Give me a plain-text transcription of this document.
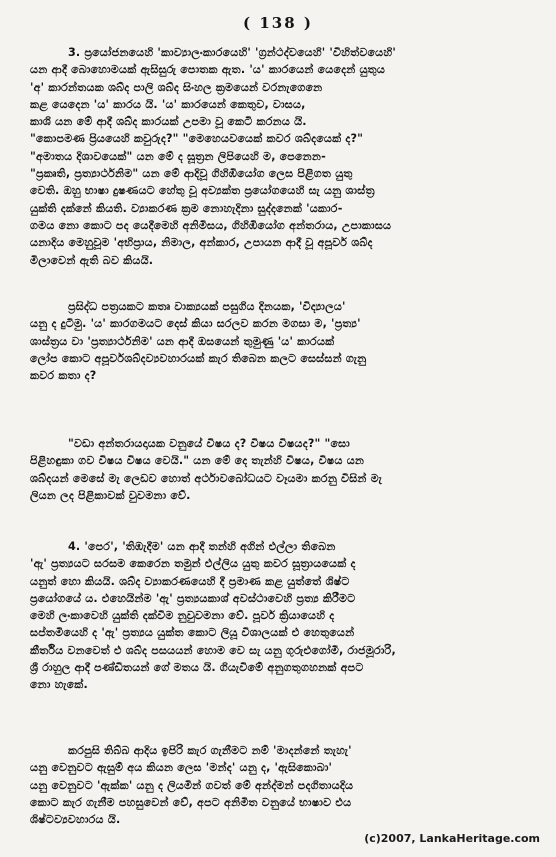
( 138 )
3. ප්‍රයෝජනයෙහි 'කාව්‍යාලංකාරයෙහි' 'ග්‍රන්ථද්වයෙහි' 'විහිත්වයෙහි'
යන ආදී බොහොමයක් ඇසිසුරු පොතක ඇත. 'ය' කාරයෙන් යෙදෙන් යුතුය
'අ' කාරන්තයක ශබ්ද පාලි ශබ්ද සිංහල ක්‍රමයෙන් වරනැගෙනෙ
කළ යෙදෙන 'ය' කාරය යි. 'ය' කාරයෙන් කෙතුව, වාසය,
කාශි යන මේ ආදී ශබ්ද කාරයක් උපමා වූ කෙටි කරනය යි.
"කොපමණ ප්‍රියයෙහි කවුරුද?" "මෙහෙයවයෙක් කවර ශබ්දයෙක් ද?"
"අමාතය දිශාවයෙක්" යන මේ ද සූත්‍රන ලිපියෙහි ම, පෙනෙන-
"ප්‍රකෘති, ප්‍රත්‍යාර්ථනිම" යන මේ ආදිවූ ගිහිඹියෝග ලෙස පිළිගත යුතු
වෙති. ඔහු භාෂා දුෂණයට හේතු වූ අව්‍යක්ත ප්‍රයෝගයෙහි සැ යනු ශාස්ත්‍ර
යුක්ති දක්නේ කියති. ව්‍යාකරණ ක්‍රම නොහැදිනා සුද්දනෙක් 'යකාර-
ගමය නො කොට පද යෙදීමෙහි අනිමිසය, ගිහිඹියෝග අන්තරාය, උපාකාසය
යනාදිය මෙහුවූම 'අභිප්‍රාය, නිමාල, අන්කාර, උපායන ආදී වූ අපූර්ව ශබ්ද
මිලාවෙන් ඇති බව කියයි.
ප්‍රසිද්ධ පත්‍රයකට කතෘ වාක්‍යයක් පසුගිය දිනයක, 'විද්‍යාලය'
යනු ද දුටිමු. 'ය' කාරගමයට දෙස් කියා සරලව කරන මගසා ම, 'ප්‍රත්‍ය'
ශාස්ත්‍රය වා 'ප්‍රත්‍යාර්ථනිම' යන ආදී ඔසයෙන් තුමුණු 'ය' කාරයක්
ලෝප කොට අපූර්වශබ්දව්‍යවහාරයක් කැර තිබෙන කලට සෙස්සන් ගැනු
කවර කතා ද?
"වඩා අන්තරායදායක වනුයේ විෂය ද? විෂය විෂයද?" "සො
පිළිහඳුකා ගව විෂය විෂය වෙයි." යන මේ දෙ තැන්හි විෂය, විෂය යන
ශබ්දයන් මෙසේ මැ ලෙඩව හොත් අර්ථාවබෝධයට වෑයමා කරනු විසින් මැ
ලියන ලද පිළිකාවක් වුවමනා වේ.
4. 'පෙර', 'තිඹැදීම' යන ආදී තන්හි අගින් එල්ලා තිබෙන
'ඇ' ප්‍රත්‍යයට සරසම කෙරෙන තමුන් එල්ලිය යුතු කවර සූත්‍රායයෙක් ද
යනුත් හො කියයි. ශබ්ද ව්‍යාකරණයෙහි දී ප්‍රමාණ කළ යුත්තේ ශිෂ්ට
ප්‍රයෝගයේ ය. එහෙයින්ම 'ඇ' ප්‍රත්‍යයකාශ් අවස්ථාවෙහි ප්‍රත්‍ය කිරීමට
මෙහි ලංකාවෙහි යුක්ති දක්වීම නුවුවමනා වේ. පූර්ව ක්‍රියායෙහි ද
සප්තමියෙහි ද 'ඇ' ප්‍රත්‍යය යුක්ත කොට ලියූ විශාලයක් එ හෙතුයෙන්
කීර්තිය වනවෙත් එ ශබ්ද පසයයන් හොම වෙ සැ යනු ගුරුළුගෝමී, රාජමූරාරි,
ශ්‍රී රාහුල ආදී පණ්ඩිතයන් ගේ මතය යි. ගියැවිමේ අනුගතුගහනක් අපට
නො හැකේ.
කරපුසි තිබ්බ ආදිය ඉපිරි කැර ගැනීමට නම් 'මාදන්නේ තැහැ'
යනු වෙනුවට ඇසුම් අය කියන ලෙස 'මන්ද' යනු ද, 'ඇසිකොබා'
යනු වෙනුවට 'ඇක්ක' යනු ද ලියමින් ගවත් මේ අන්ද්මන් පදගිතායදිය
කොට කැර ගැනීම පහසුවෙන් වේ, අපට අනිමිත වනුයේ භාෂාව එය
ශිෂ්ටව්‍යවහාරය යි.
(c)2007, LankaHeritage.com
